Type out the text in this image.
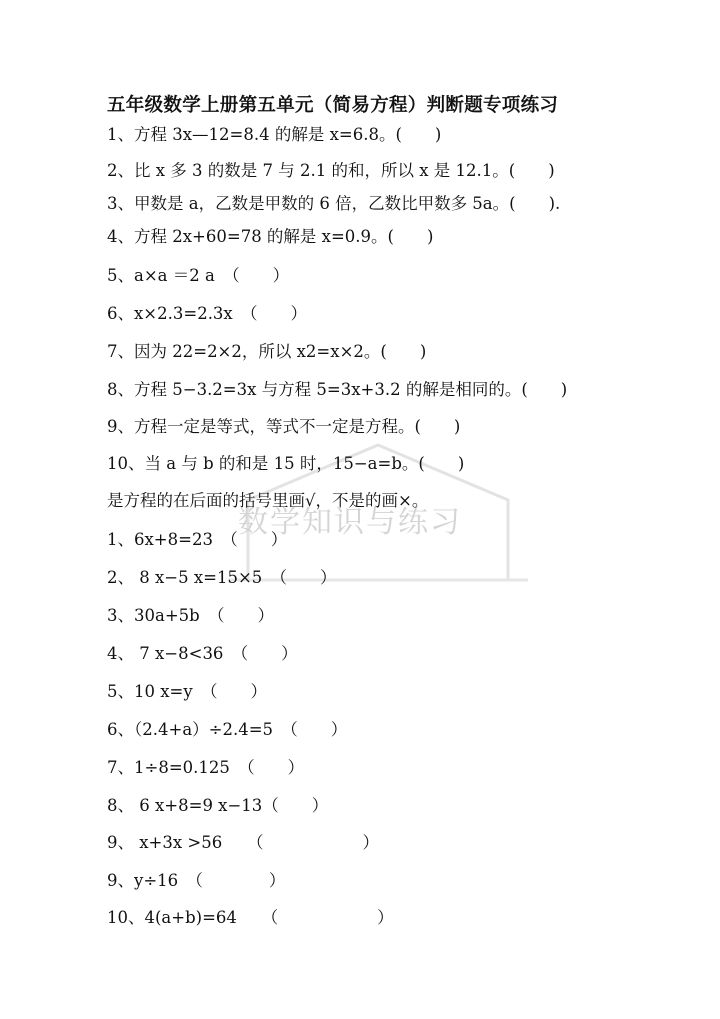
数学知识与练习
五年级数学上册第五单元（简易方程）判断题专项练习
1、方程 3x—12=8.4 的解是 x=6.8。(　　)
2、比 x 多 3 的数是 7 与 2.1 的和，所以 x 是 12.1。(　　)
3、甲数是 a，乙数是甲数的 6 倍，乙数比甲数多 5a。(　　).
4、方程 2x+60=78 的解是 x=0.9。(　　)
5、a×a ＝2 a　（　　）
6、x×2.3=2.3x　（　　）
7、因为 22=2×2，所以 x2=x×2。(　　)
8、方程 5−3.2=3x 与方程 5=3x+3.2 的解是相同的。(　　)
9、方程一定是等式，等式不一定是方程。(　　)
10、当 a 与 b 的和是 15 时，15−a=b。(　　)
是方程的在后面的括号里画√，不是的画×。
1、6x+8=23　（　　）
2、 8 x−5 x=15×5　（　　）
3、30a+5b　（　　）
4、 7 x−8<36　（　　）
5、10 x=y　（　　）
6、（2.4+a）÷2.4=5　（　　）
7、1÷8=0.125　（　　）
8、 6 x+8=9 x−13（　　）
9、 x+3x >56　　（　　　　　　）
9、y÷16　（　　　　）
10、4(a+b)=64　　（　　　　　　）
